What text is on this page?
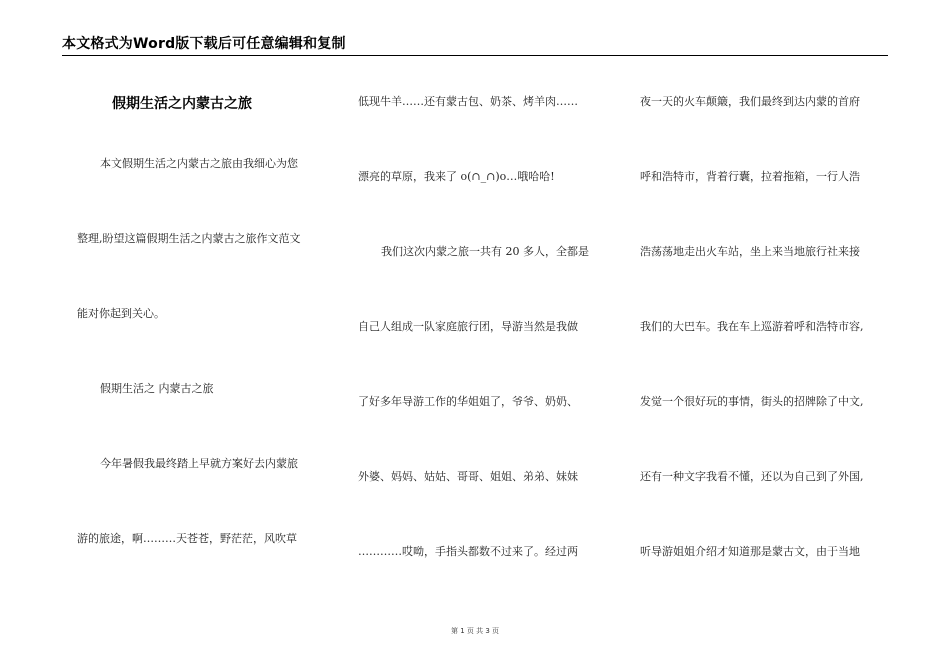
本文格式为Word版下载后可任意编辑和复制
假期生活之内蒙古之旅
本文假期生活之内蒙古之旅由我细心为您
整理,盼望这篇假期生活之内蒙古之旅作文范文
能对你起到关心。
假期生活之 内蒙古之旅
今年暑假我最终踏上早就方案好去内蒙旅
游的旅途，啊………天苍苍，野茫茫，风吹草
低现牛羊……还有蒙古包、奶茶、烤羊肉……
漂亮的草原，我来了 o(∩_∩)o…哦哈哈!
我们这次内蒙之旅一共有 20 多人，全都是
自己人组成一队家庭旅行团，导游当然是我做
了好多年导游工作的华姐姐了，爷爷、奶奶、
外婆、妈妈、姑姑、哥哥、姐姐、弟弟、妹妹
…………哎呦，手指头都数不过来了。经过两
夜一天的火车颠簸，我们最终到达内蒙的首府
呼和浩特市，背着行囊，拉着拖箱，一行人浩
浩荡荡地走出火车站，坐上来当地旅行社来接
我们的大巴车。我在车上巡游着呼和浩特市容,
发觉一个很好玩的事情，街头的招牌除了中文,
还有一种文字我看不懂，还以为自己到了外国,
听导游姐姐介绍才知道那是蒙古文，由于当地
第 1 页 共 3 页
